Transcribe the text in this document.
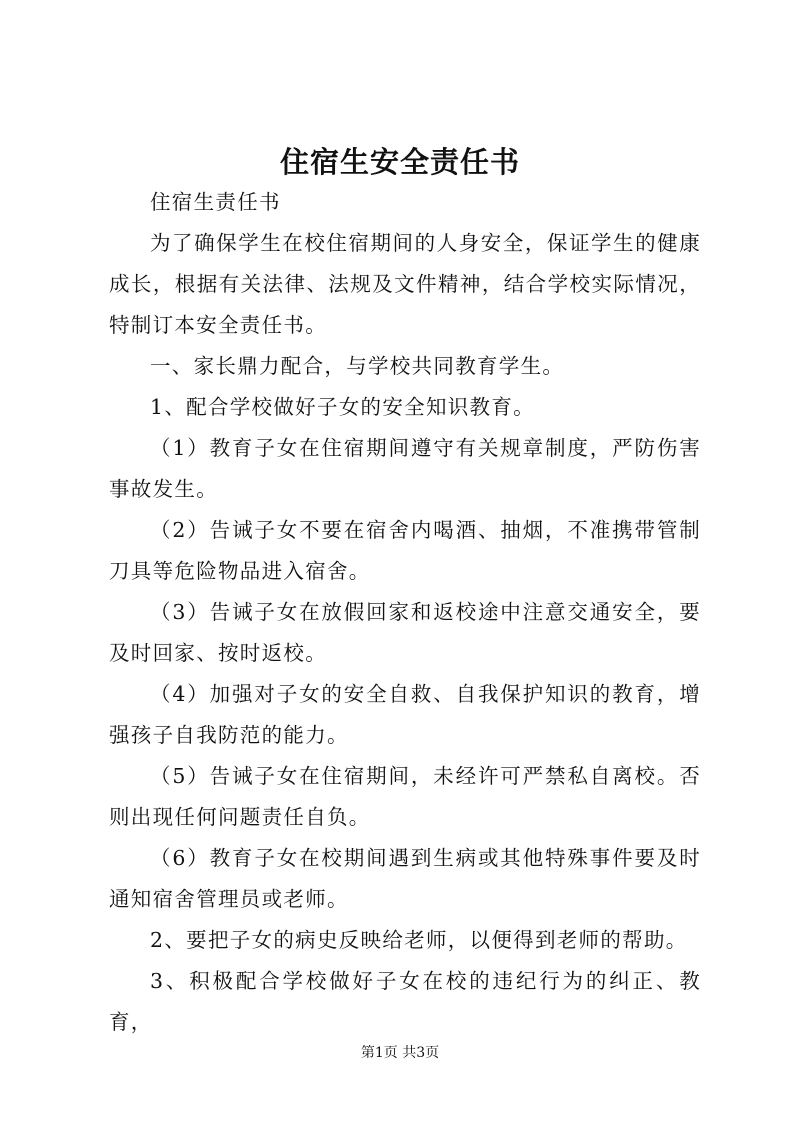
住宿生安全责任书

住宿生责任书

为了确保学生在校住宿期间的人身安全，保证学生的健康成长，根据有关法律、法规及文件精神，结合学校实际情况，特制订本安全责任书。

一、家长鼎力配合，与学校共同教育学生。

1、配合学校做好子女的安全知识教育。

（1）教育子女在住宿期间遵守有关规章制度，严防伤害事故发生。

（2）告诫子女不要在宿舍内喝酒、抽烟，不准携带管制刀具等危险物品进入宿舍。

（3）告诫子女在放假回家和返校途中注意交通安全，要及时回家、按时返校。

（4）加强对子女的安全自救、自我保护知识的教育，增强孩子自我防范的能力。

（5）告诫子女在住宿期间，未经许可严禁私自离校。否则出现任何问题责任自负。

（6）教育子女在校期间遇到生病或其他特殊事件要及时通知宿舍管理员或老师。

2、要把子女的病史反映给老师，以便得到老师的帮助。

3、积极配合学校做好子女在校的违纪行为的纠正、教育，

第1页 共3页
